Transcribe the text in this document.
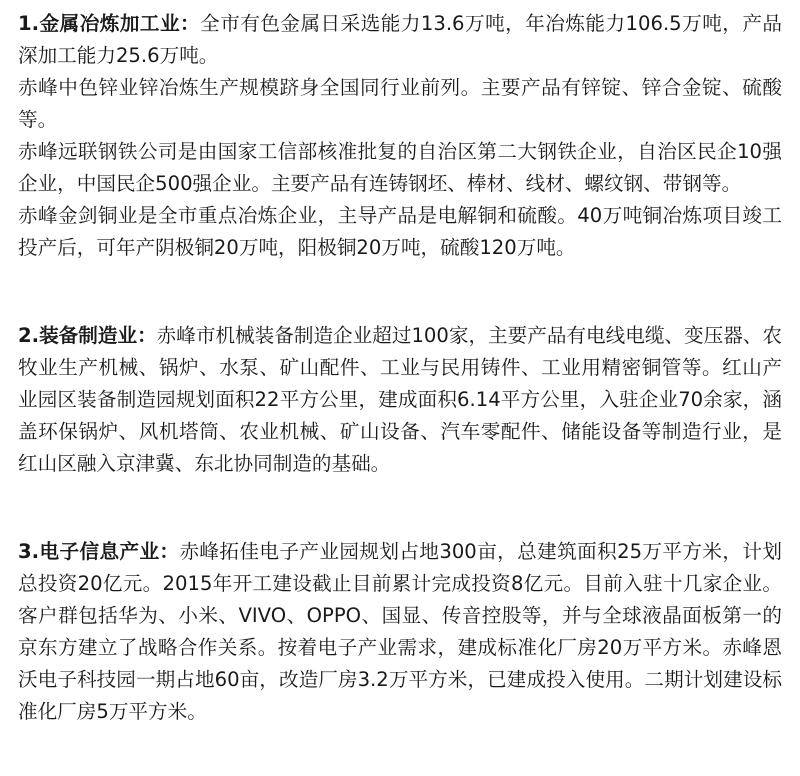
1.金属冶炼加工业：全市有色金属日采选能力13.6万吨，年冶炼能力106.5万吨，产品深加工能力25.6万吨。

赤峰中色锌业锌冶炼生产规模跻身全国同行业前列。主要产品有锌锭、锌合金锭、硫酸等。

赤峰远联钢铁公司是由国家工信部核准批复的自治区第二大钢铁企业，自治区民企10强企业，中国民企500强企业。主要产品有连铸钢坯、棒材、线材、螺纹钢、带钢等。

赤峰金剑铜业是全市重点冶炼企业，主导产品是电解铜和硫酸。40万吨铜冶炼项目竣工投产后，可年产阴极铜20万吨，阳极铜20万吨，硫酸120万吨。

2.装备制造业：赤峰市机械装备制造企业超过100家，主要产品有电线电缆、变压器、农牧业生产机械、锅炉、水泵、矿山配件、工业与民用铸件、工业用精密铜管等。红山产业园区装备制造园规划面积22平方公里，建成面积6.14平方公里，入驻企业70余家，涵盖环保锅炉、风机塔筒、农业机械、矿山设备、汽车零配件、储能设备等制造行业，是红山区融入京津冀、东北协同制造的基础。

3.电子信息产业：赤峰拓佳电子产业园规划占地300亩，总建筑面积25万平方米，计划总投资20亿元。2015年开工建设截止目前累计完成投资8亿元。目前入驻十几家企业。客户群包括华为、小米、VIVO、OPPO、国显、传音控股等，并与全球液晶面板第一的京东方建立了战略合作关系。按着电子产业需求，建成标准化厂房20万平方米。赤峰恩沃电子科技园一期占地60亩，改造厂房3.2万平方米，已建成投入使用。二期计划建设标准化厂房5万平方米。
